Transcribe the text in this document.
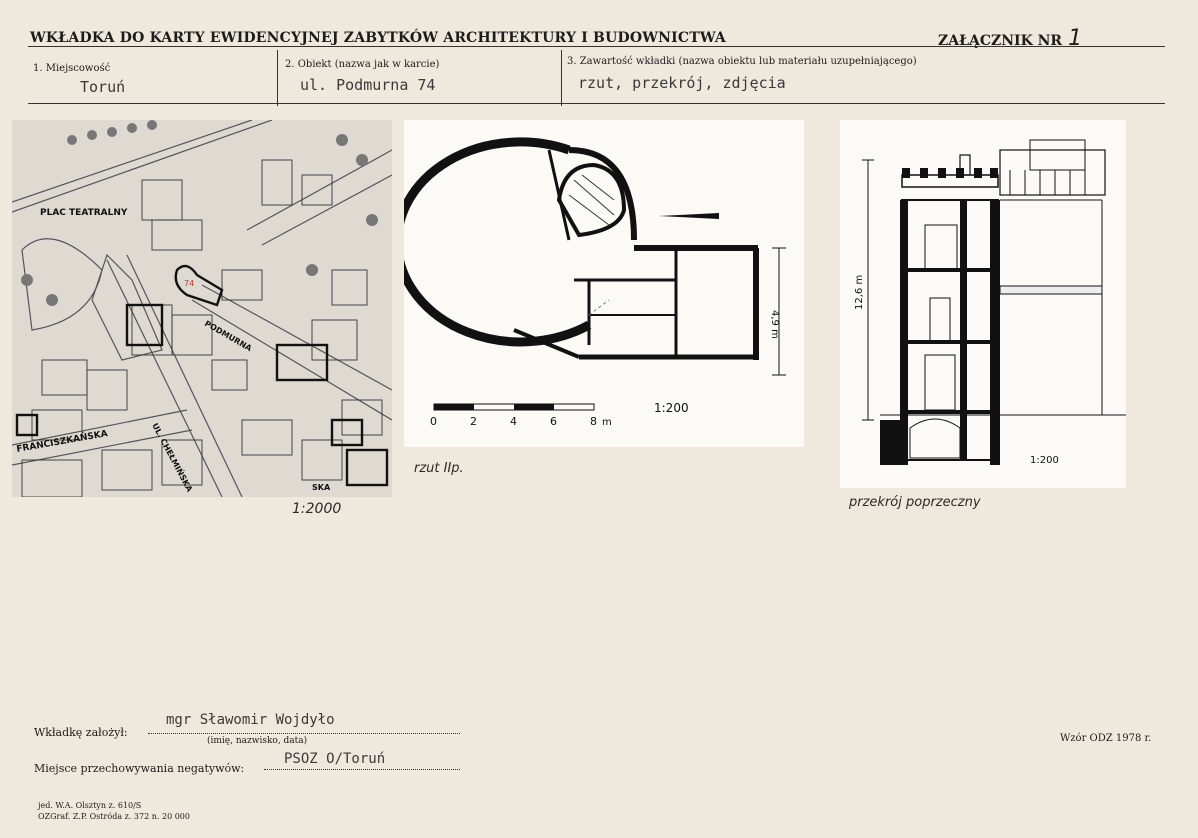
WKŁADKA DO KARTY EWIDENCYJNEJ ZABYTKÓW ARCHITEKTURY I BUDOWNICTWA	ZAŁĄCZNIK NR 1
1. Miejscowość
Toruń
2. Obiekt (nazwa jak w karcie)
ul. Podmurna 74
3. Zawartość wkładki (nazwa obiektu lub materiału uzupełniającego)
rzut, przekrój, zdjęcia
PLAC TEATRALNY
PODMURNA
FRANCISZKAŃSKA	UL. CHEŁMIŃSKA	SKA
74
1:2000
4,9 m
0	2	4	6	8 m
1:200
rzut IIp.
12,6 m
1:200
przekrój poprzeczny
Wkładkę założył:
mgr Sławomir Wojdyło
(imię, nazwisko, data)
Miejsce przechowywania negatywów:
PSOZ O/Toruń
Wzór ODZ 1978 r.
jed. W.A. Olsztyn z. 610/S
OZGraf. Z.P. Ostróda z. 372 n. 20 000
